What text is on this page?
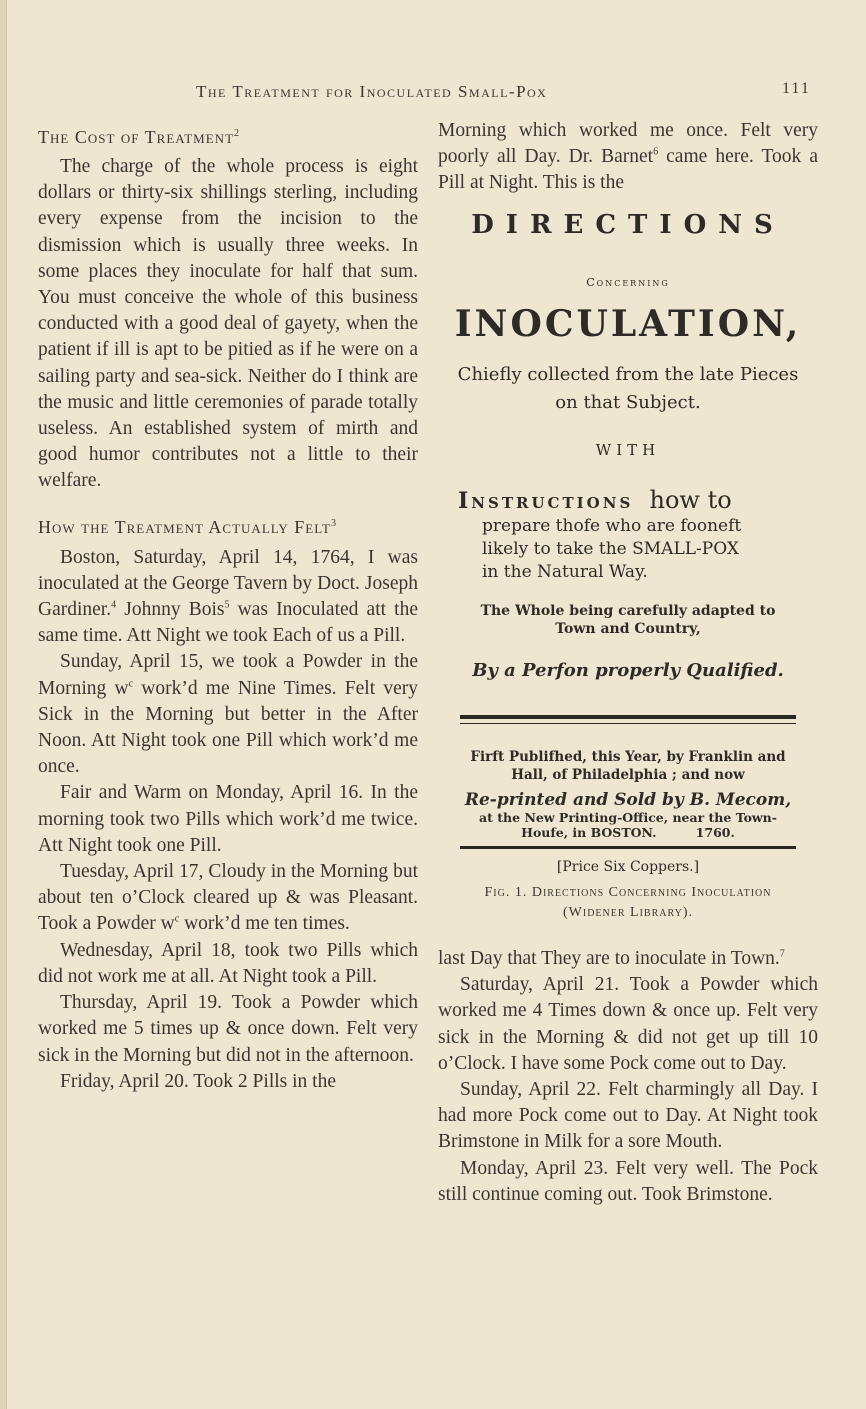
The Treatment for Inoculated Small-Pox	111

The Cost of Treatment$^2$

The charge of the whole process is eight dollars or thirty-six shillings sterling, including every expense from the incision to the dismission which is usually three weeks. In some places they inoculate for half that sum. You must conceive the whole of this business conducted with a good deal of gayety, when the patient if ill is apt to be pitied as if he were on a sailing party and sea-sick. Neither do I think are the music and little ceremonies of parade totally useless. An established system of mirth and good humor contributes not a little to their welfare.

How the Treatment Actually Felt$^3$

Boston, Saturday, April 14, 1764, I was inoculated at the George Tavern by Doct. Joseph Gardiner.$^4$ Johnny Bois$^5$ was Inoculated att the same time. Att Night we took Each of us a Pill.

Sunday, April 15, we took a Powder in the Morning $w^c$ work’d me Nine Times. Felt very Sick in the Morning but better in the After Noon. Att Night took one Pill which work’d me once.

Fair and Warm on Monday, April 16. In the morning took two Pills which work’d me twice. Att Night took one Pill.

Tuesday, April 17, Cloudy in the Morning but about ten o’Clock cleared up & was Pleasant. Took a Powder $w^c$ work’d me ten times.

Wednesday, April 18, took two Pills which did not work me at all. At Night took a Pill.

Thursday, April 19. Took a Powder which worked me 5 times up & once down. Felt very sick in the Morning but did not in the afternoon.

Friday, April 20. Took 2 Pills in the

Morning which worked me once. Felt very poorly all Day. Dr. Barnet$^6$ came here. Took a Pill at Night. This is the

DIRECTIONS
Concerning
INOCULATION,
Chiefly collected from the late Pieces
on that Subject.
WITH
Instructions how to
prepare thofe who are fooneft
likely to take the SMALL-POX
in the Natural Way.
The Whole being carefully adapted to
Town and Country,
By a Perfon properly Qualified.
Firft Publifhed, this Year, by Franklin and
Hall, of Philadelphia ; and now
Re-printed and Sold by B. Mecom,
at the New Printing-Office, near the Town-
Houfe, in BOSTON.	1760.
[Price Six Coppers.]
Fig. 1. Directions Concerning Inoculation
(Widener Library).

last Day that They are to inoculate in Town.$^7$

Saturday, April 21. Took a Powder which worked me 4 Times down & once up. Felt very sick in the Morning & did not get up till 10 o’Clock. I have some Pock come out to Day.

Sunday, April 22. Felt charmingly all Day. I had more Pock come out to Day. At Night took Brimstone in Milk for a sore Mouth.

Monday, April 23. Felt very well. The Pock still continue coming out. Took Brimstone.
